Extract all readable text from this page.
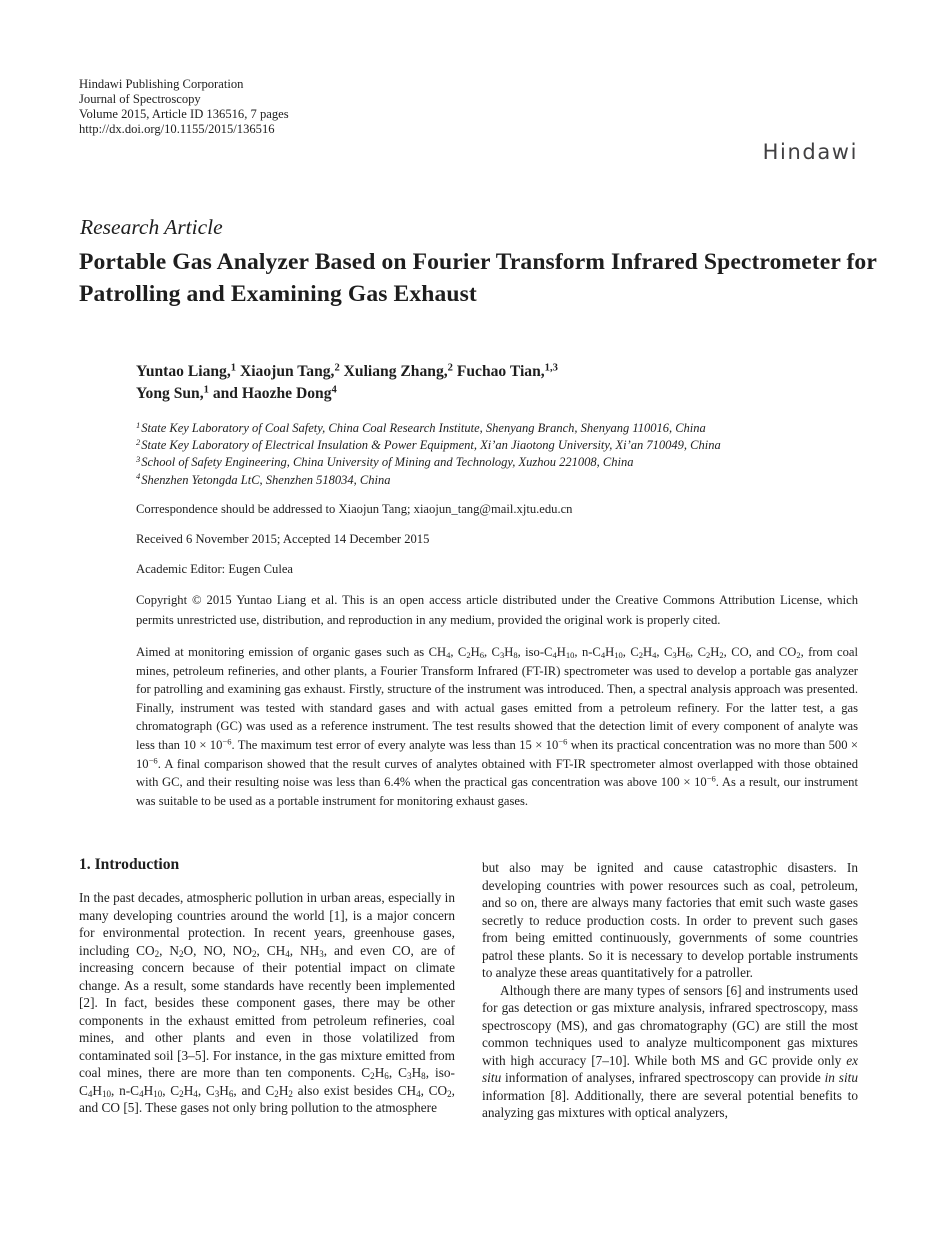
Hindawi Publishing Corporation
Journal of Spectroscopy
Volume 2015, Article ID 136516, 7 pages
http://dx.doi.org/10.1155/2015/136516
Hindawi
Research Article
Portable Gas Analyzer Based on Fourier Transform Infrared Spectrometer for Patrolling and Examining Gas Exhaust
Yuntao Liang,$^1$ Xiaojun Tang,$^2$ Xuliang Zhang,$^2$ Fuchao Tian,$^{1,3}$
Yong Sun,$^1$ and Haozhe Dong$^4$
$^1$State Key Laboratory of Coal Safety, China Coal Research Institute, Shenyang Branch, Shenyang 110016, China
$^2$State Key Laboratory of Electrical Insulation & Power Equipment, Xi’an Jiaotong University, Xi’an 710049, China
$^3$School of Safety Engineering, China University of Mining and Technology, Xuzhou 221008, China
$^4$Shenzhen Yetongda LtC, Shenzhen 518034, China
Correspondence should be addressed to Xiaojun Tang; xiaojun_tang@mail.xjtu.edu.cn
Received 6 November 2015; Accepted 14 December 2015
Academic Editor: Eugen Culea
Copyright © 2015 Yuntao Liang et al. This is an open access article distributed under the Creative Commons Attribution License, which permits unrestricted use, distribution, and reproduction in any medium, provided the original work is properly cited.
Aimed at monitoring emission of organic gases such as $CH_4$, $C_2H_6$, $C_3H_8$, iso-$C_4H_{10}$, $n-C_4H_{10}$, $C_2H_4$, $C_3H_6$, $C_2H_2$, CO, and $CO_2$, from coal mines, petroleum refineries, and other plants, a Fourier Transform Infrared (FT-IR) spectrometer was used to develop a portable gas analyzer for patrolling and examining gas exhaust. Firstly, structure of the instrument was introduced. Then, a spectral analysis approach was presented. Finally, instrument was tested with standard gases and with actual gases emitted from a petroleum refinery. For the latter test, a gas chromatograph (GC) was used as a reference instrument. The test results showed that the detection limit of every component of analyte was less than $10 \times 10^{-6}$. The maximum test error of every analyte was less than $15 \times 10^{-6}$ when its practical concentration was no more than $500 \times 10^{-6}$. A final comparison showed that the result curves of analytes obtained with FT-IR spectrometer almost overlapped with those obtained with GC, and their resulting noise was less than 6.4% when the practical gas concentration was above $100 \times 10^{-6}$. As a result, our instrument was suitable to be used as a portable instrument for monitoring exhaust gases.
1. Introduction

In the past decades, atmospheric pollution in urban areas, especially in many developing countries around the world [1], is a major concern for environmental protection. In recent years, greenhouse gases, including $CO_2$, $N_2O$, NO, $NO_2$, $CH_4$, $NH_3$, and even CO, are of increasing concern because of their potential impact on climate change. As a result, some standards have recently been implemented [2]. In fact, besides these component gases, there may be other components in the exhaust emitted from petroleum refineries, coal mines, and other plants and even in those volatilized from contaminated soil [3–5]. For instance, in the gas mixture emitted from coal mines, there are more than ten components. $C_2H_6$, $C_3H_8$, iso-$C_4H_{10}$, $n-C_4H_{10}$, $C_2H_4$, $C_3H_6$, and $C_2H_2$ also exist besides $CH_4$, $CO_2$, and CO [5]. These gases not only bring pollution to the atmosphere

but also may be ignited and cause catastrophic disasters. In developing countries with power resources such as coal, petroleum, and so on, there are always many factories that emit such waste gases secretly to reduce production costs. In order to prevent such gases from being emitted continuously, governments of some countries patrol these plants. So it is necessary to develop portable instruments to analyze these areas quantitatively for a patroller.

Although there are many types of sensors [6] and instruments used for gas detection or gas mixture analysis, infrared spectroscopy, mass spectroscopy (MS), and gas chromatography (GC) are still the most common techniques used to analyze multicomponent gas mixtures with high accuracy [7–10]. While both MS and GC provide only ex situ information of analyses, infrared spectroscopy can provide in situ information [8]. Additionally, there are several potential benefits to analyzing gas mixtures with optical analyzers,
